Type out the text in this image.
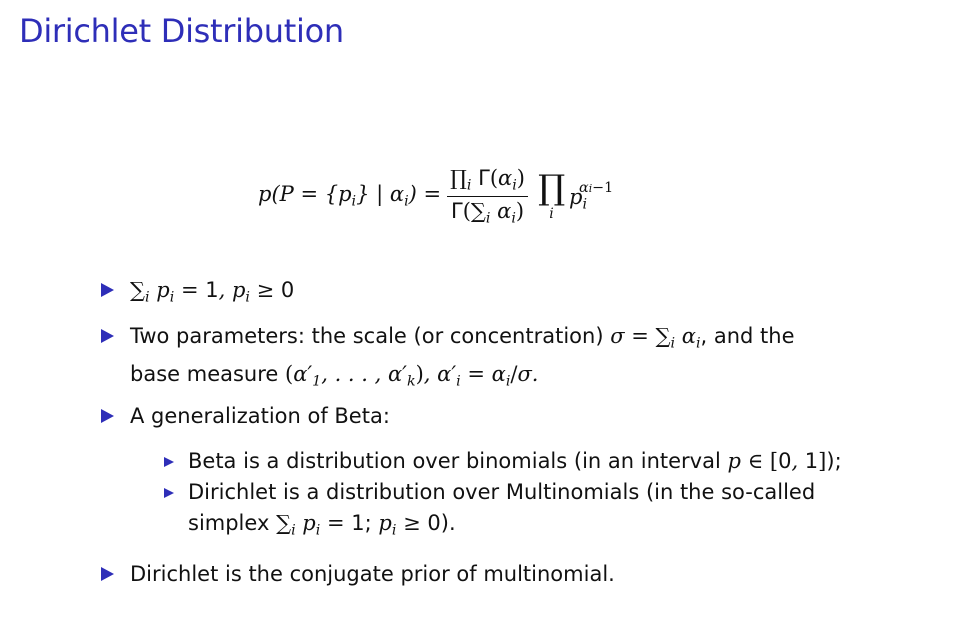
Dirichlet Distribution
$p(P = \{p_i\}$ | $\alpha_i) = \frac{\prod_i \Gamma(\alpha_i)}{\Gamma(\sum_i \alpha_i)}$ ∏
i
$p_i^{\alpha i-1}$
$\sum_i$ $p_i = 1$, $p_i \ge 0$
Two parameters: the scale (or concentration) $\sigma = \sum_i$ $\alpha_i$, and the
base measure ($\alpha'_1$, . . . , $\alpha'_k$), $\alpha'_i = \alpha_i/\sigma$.
A generalization of Beta:
Beta is a distribution over binomials (in an interval p ∈ [0, 1]);
Dirichlet is a distribution over Multinomials (in the so-called
simplex $\sum_i$ $p_i = 1$; $p_i \ge 0$).
Dirichlet is the conjugate prior of multinomial.
